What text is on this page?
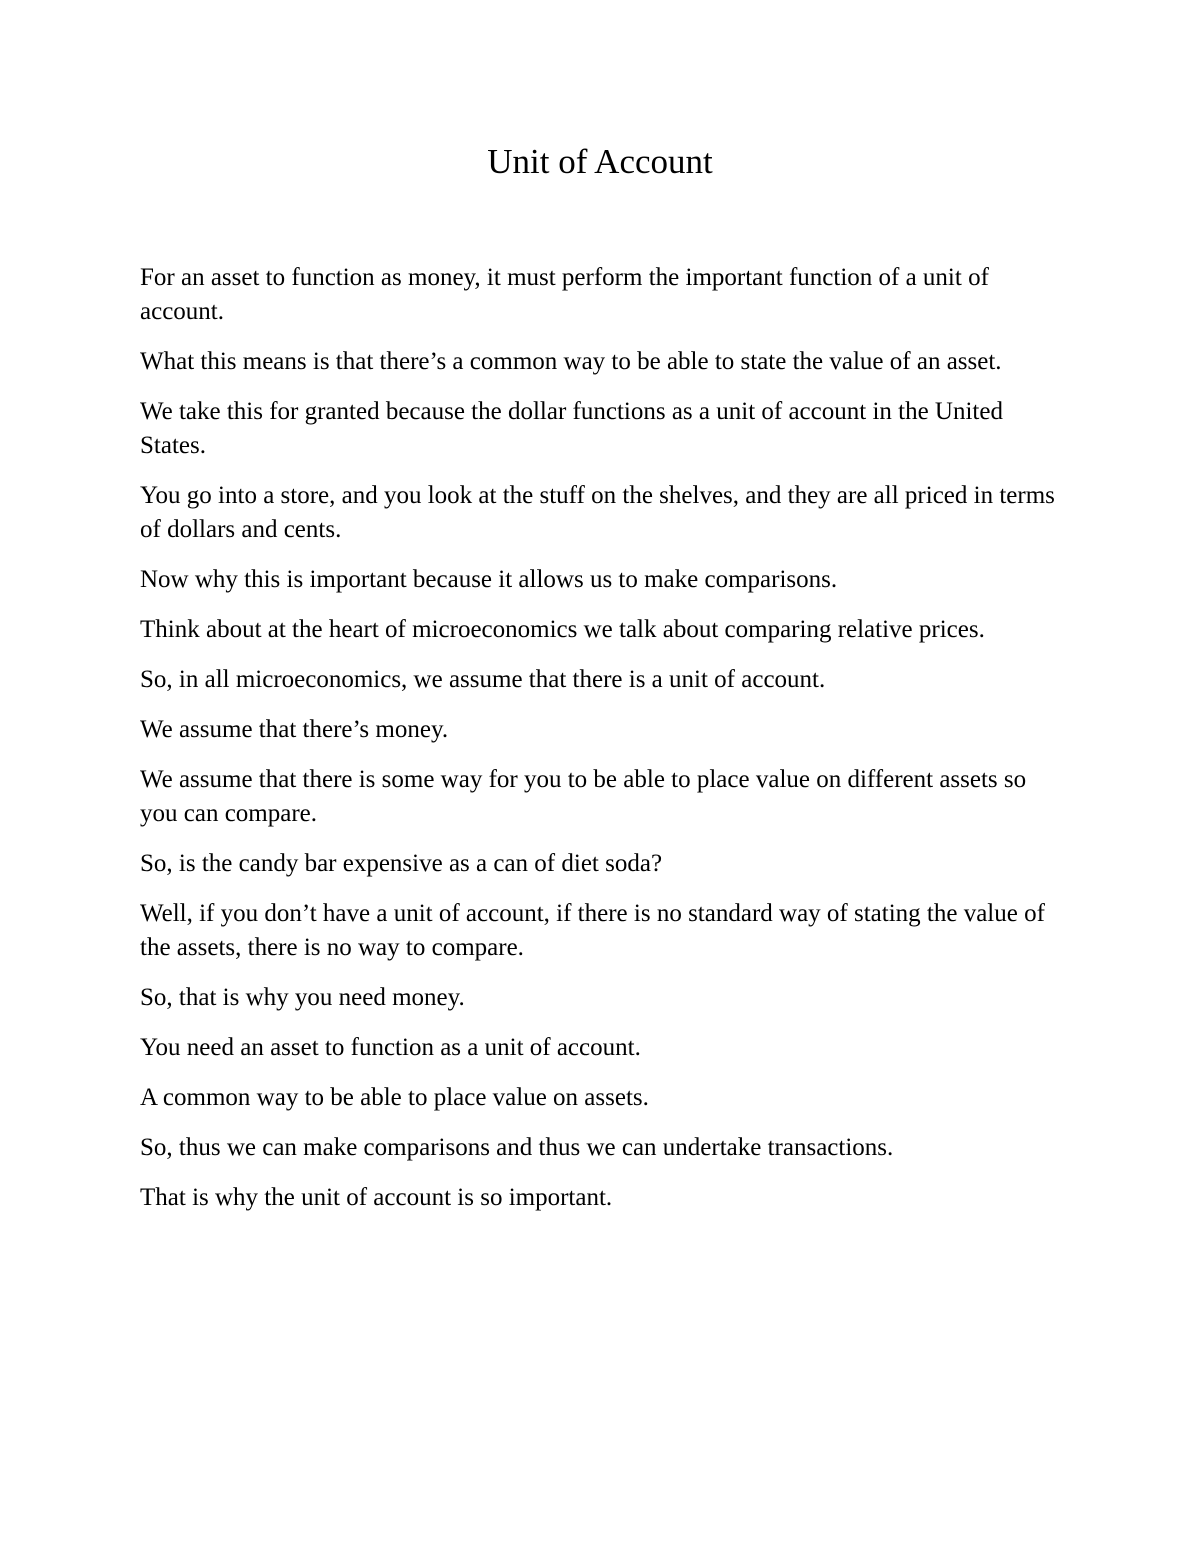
Unit of Account

For an asset to function as money, it must perform the important function of a unit of account.

What this means is that there’s a common way to be able to state the value of an asset.

We take this for granted because the dollar functions as a unit of account in the United States.

You go into a store, and you look at the stuff on the shelves, and they are all priced in terms of dollars and cents.

Now why this is important because it allows us to make comparisons.

Think about at the heart of microeconomics we talk about comparing relative prices.

So, in all microeconomics, we assume that there is a unit of account.

We assume that there’s money.

We assume that there is some way for you to be able to place value on different assets so you can compare.

So, is the candy bar expensive as a can of diet soda?

Well, if you don’t have a unit of account, if there is no standard way of stating the value of the assets, there is no way to compare.

So, that is why you need money.

You need an asset to function as a unit of account.

A common way to be able to place value on assets.

So, thus we can make comparisons and thus we can undertake transactions.

That is why the unit of account is so important.
